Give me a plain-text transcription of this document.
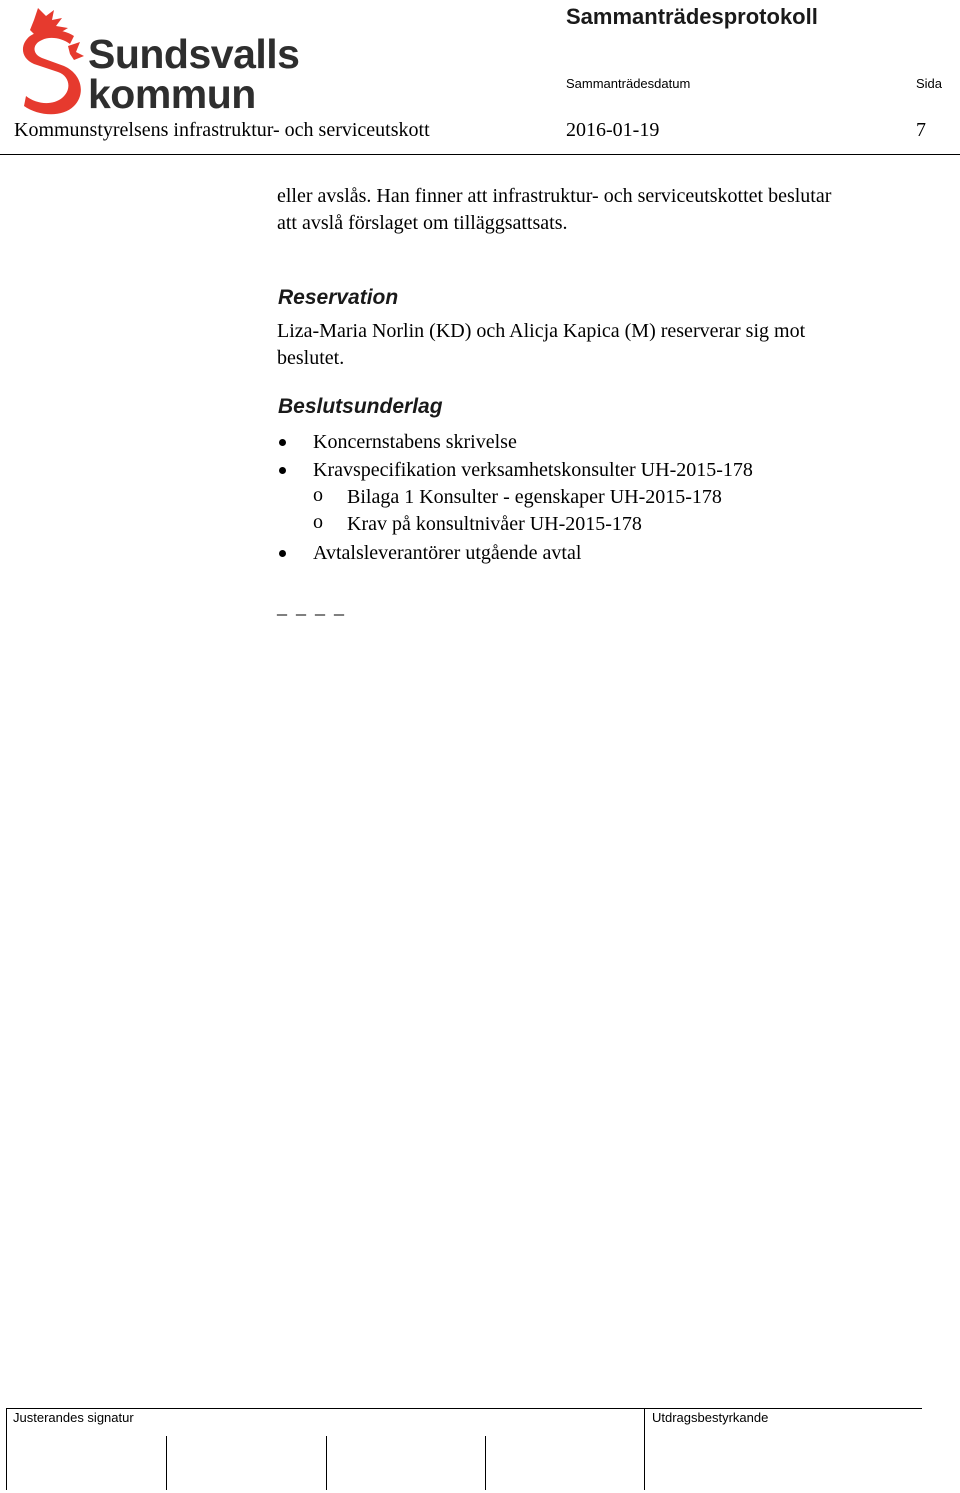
Sundsvalls
kommun
Sammanträdesprotokoll
Sammanträdesdatum	Sida
Kommunstyrelsens infrastruktur- och serviceutskott	2016-01-19	7
eller avslås. Han finner att infrastruktur- och serviceutskottet beslutar
att avslå förslaget om tilläggsattsats.
Reservation
Liza-Maria Norlin (KD) och Alicja Kapica (M) reserverar sig mot
beslutet.
Beslutsunderlag
Koncernstabens skrivelse
Kravspecifikation verksamhetskonsulter UH-2015-178
o Bilaga 1 Konsulter - egenskaper UH-2015-178
o Krav på konsultnivåer UH-2015-178
Avtalsleverantörer utgående avtal
_ _ _ _
Justerandes signatur	Utdragsbestyrkande
